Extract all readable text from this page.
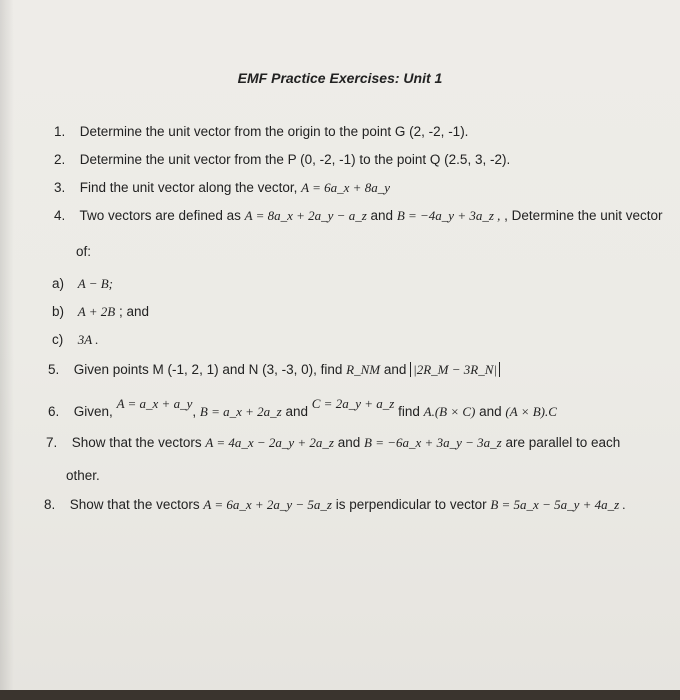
EMF Practice Exercises: Unit 1
1. Determine the unit vector from the origin to the point G (2, -2, -1).
2. Determine the unit vector from the P (0, -2, -1) to the point Q (2.5, 3, -2).
3. Find the unit vector along the vector, A = 6a_x + 8a_y
4. Two vectors are defined as A = 8a_x + 2a_y − a_z and B = −4a_y + 3a_z , , Determine the unit vector
of:
a) A − B;
b) A + 2B ; and
c) 3A .
5. Given points M (-1, 2, 1) and N (3, -3, 0), find R_NM and |2R_M − 3R_N|
6. Given, A = a_x + a_y, B = a_x + 2a_z and C = 2a_y + a_z find A.(B × C) and (A × B).C
7. Show that the vectors A = 4a_x − 2a_y + 2a_z and B = −6a_x + 3a_y − 3a_z are parallel to each
other.
8. Show that the vectors A = 6a_x + 2a_y − 5a_z is perpendicular to vector B = 5a_x − 5a_y + 4a_z .
